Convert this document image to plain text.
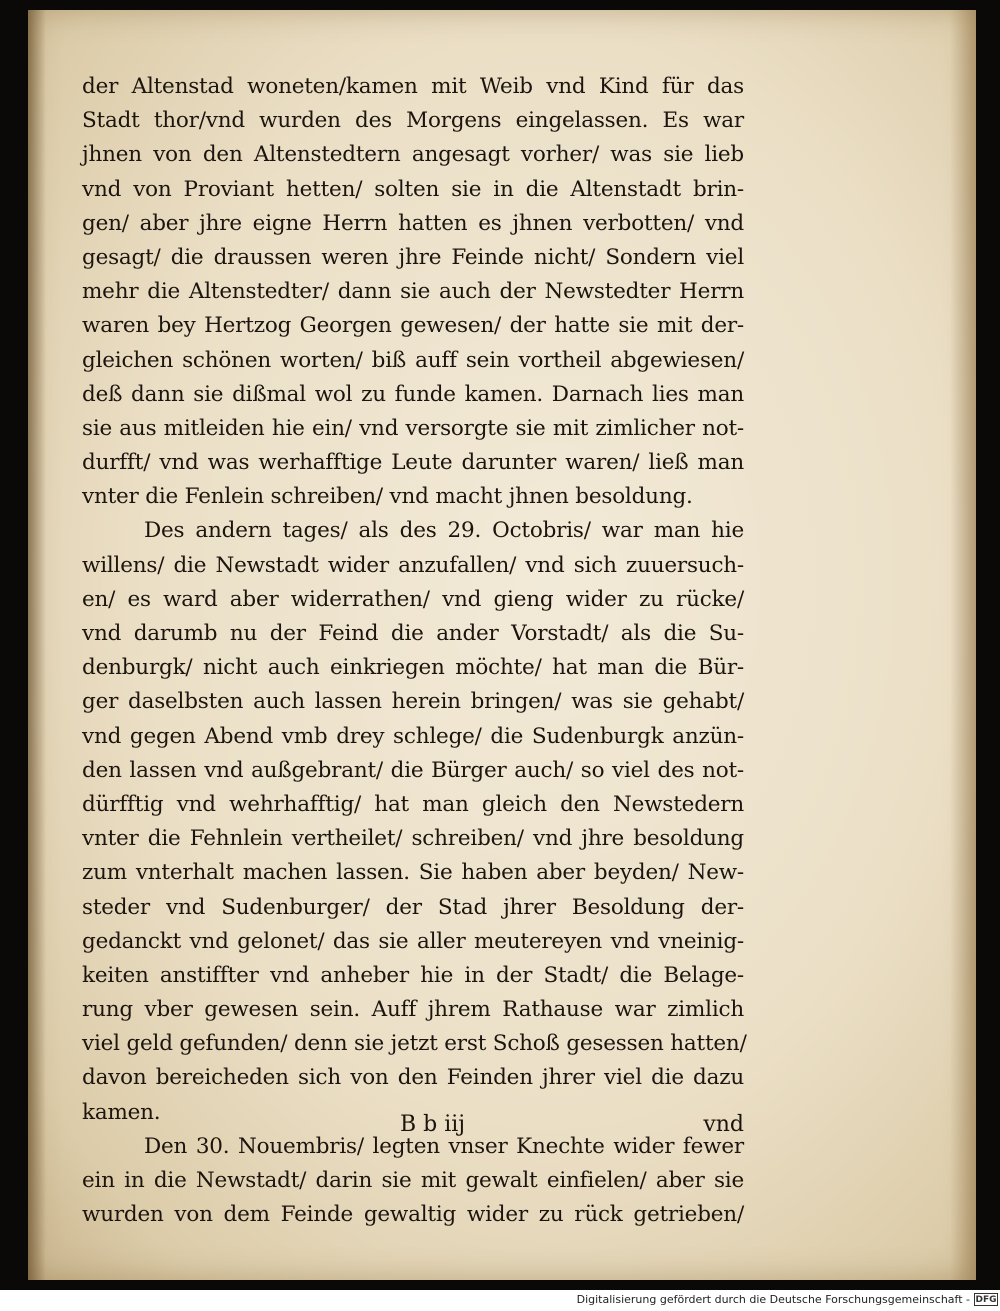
der Altenstad woneten/kamen mit Weib vnd Kind für das
Stadt thor/vnd wurden des Morgens eingelassen. Es war
jhnen von den Altenstedtern angesagt vorher/ was sie lieb
vnd von Proviant hetten/ solten sie in die Altenstadt brin-
gen/ aber jhre eigne Herrn hatten es jhnen verbotten/ vnd
gesagt/ die draussen weren jhre Feinde nicht/ Sondern viel
mehr die Altenstedter/ dann sie auch der Newstedter Herrn
waren bey Hertzog Georgen gewesen/ der hatte sie mit der-
gleichen schönen worten/ biß auff sein vortheil abgewiesen/
deß dann sie dißmal wol zu funde kamen. Darnach lies man
sie aus mitleiden hie ein/ vnd versorgte sie mit zimlicher not-
durfft/ vnd was werhafftige Leute darunter waren/ ließ man
vnter die Fenlein schreiben/ vnd macht jhnen besoldung.
Des andern tages/ als des 29. Octobris/ war man hie
willens/ die Newstadt wider anzufallen/ vnd sich zuuersuch-
en/ es ward aber widerrathen/ vnd gieng wider zu rücke/
vnd darumb nu der Feind die ander Vorstadt/ als die Su-
denburgk/ nicht auch einkriegen möchte/ hat man die Bür-
ger daselbsten auch lassen herein bringen/ was sie gehabt/
vnd gegen Abend vmb drey schlege/ die Sudenburgk anzün-
den lassen vnd außgebrant/ die Bürger auch/ so viel des not-
dürfftig vnd wehrhafftig/ hat man gleich den Newstedern
vnter die Fehnlein vertheilet/ schreiben/ vnd jhre besoldung
zum vnterhalt machen lassen. Sie haben aber beyden/ New-
steder vnd Sudenburger/ der Stad jhrer Besoldung der-
gedanckt vnd gelonet/ das sie aller meutereyen vnd vneinig-
keiten anstiffter vnd anheber hie in der Stadt/ die Belage-
rung vber gewesen sein. Auff jhrem Rathause war zimlich
viel geld gefunden/ denn sie jetzt erst Schoß gesessen hatten/
davon bereicheden sich von den Feinden jhrer viel die dazu
kamen.
Den 30. Nouembris/ legten vnser Knechte wider fewer
ein in die Newstadt/ darin sie mit gewalt einfielen/ aber sie
wurden von dem Feinde gewaltig wider zu rück getrieben/
B b iij	vnd
Digitalisierung gefördert durch die Deutsche Forschungsgemeinschaft - DFG
